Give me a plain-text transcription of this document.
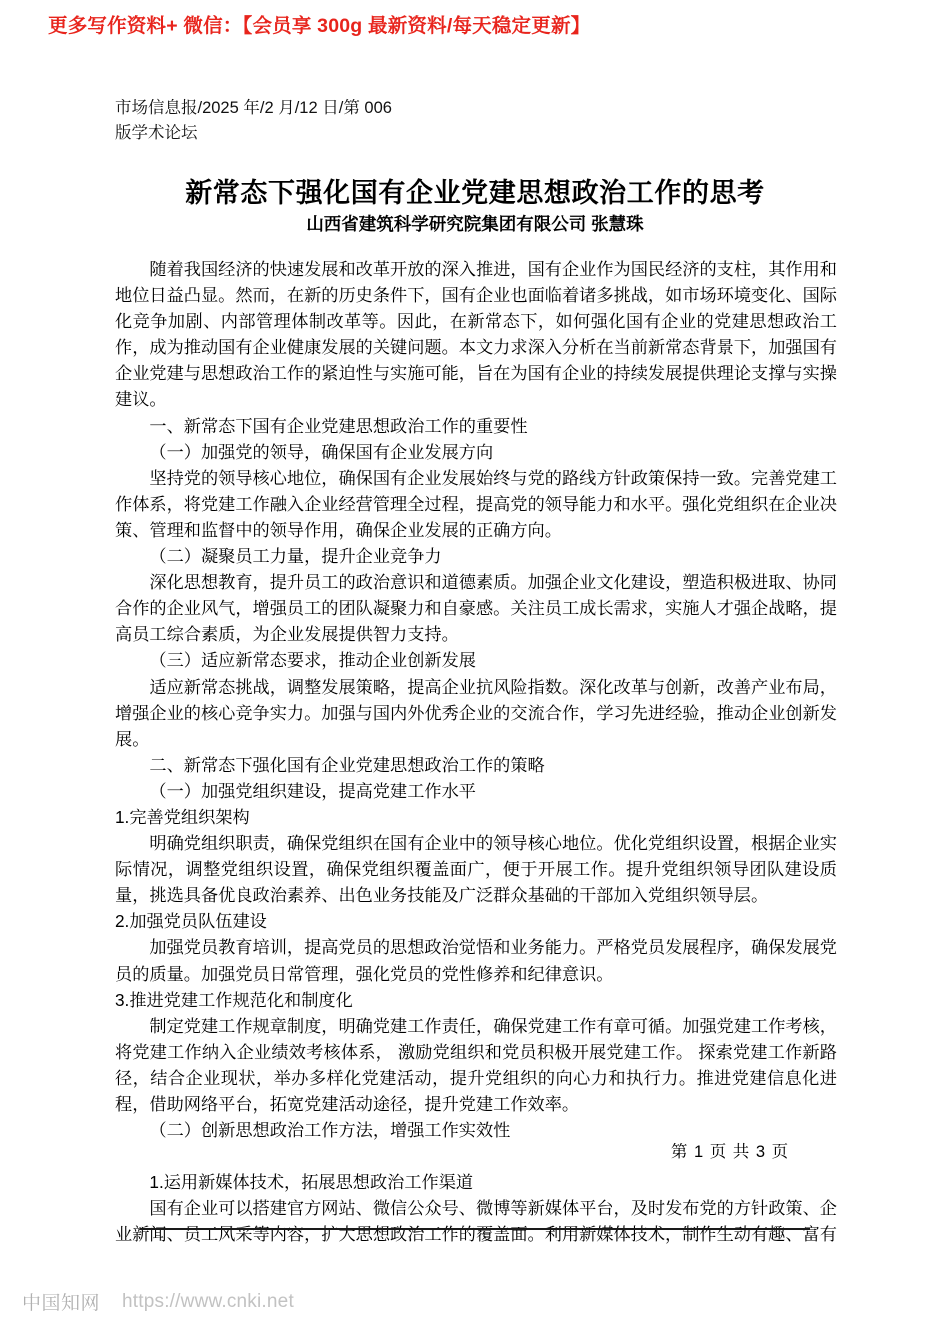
更多写作资料+ 微信：【会员享 300g 最新资料/每天稳定更新】
市场信息报/2025 年/2 月/12 日/第 006
版学术论坛
新常态下强化国有企业党建思想政治工作的思考
山西省建筑科学研究院集团有限公司 张慧珠

随着我国经济的快速发展和改革开放的深入推进，国有企业作为国民经济的支柱，其作用和地位日益凸显。然而，在新的历史条件下，国有企业也面临着诸多挑战，如市场环境变化、国际化竞争加剧、内部管理体制改革等。因此，在新常态下，如何强化国有企业的党建思想政治工作，成为推动国有企业健康发展的关键问题。本文力求深入分析在当前新常态背景下，加强国有企业党建与思想政治工作的紧迫性与实施可能，旨在为国有企业的持续发展提供理论支撑与实操建议。

一、新常态下国有企业党建思想政治工作的重要性

（一）加强党的领导，确保国有企业发展方向

坚持党的领导核心地位，确保国有企业发展始终与党的路线方针政策保持一致。完善党建工作体系，将党建工作融入企业经营管理全过程，提高党的领导能力和水平。强化党组织在企业决策、管理和监督中的领导作用，确保企业发展的正确方向。

（二）凝聚员工力量，提升企业竞争力

深化思想教育，提升员工的政治意识和道德素质。加强企业文化建设，塑造积极进取、协同合作的企业风气，增强员工的团队凝聚力和自豪感。关注员工成长需求，实施人才强企战略，提高员工综合素质，为企业发展提供智力支持。

（三）适应新常态要求，推动企业创新发展

适应新常态挑战，调整发展策略，提高企业抗风险指数。深化改革与创新，改善产业布局，增强企业的核心竞争实力。加强与国内外优秀企业的交流合作，学习先进经验，推动企业创新发展。

二、新常态下强化国有企业党建思想政治工作的策略

（一）加强党组织建设，提高党建工作水平

1.完善党组织架构

明确党组织职责，确保党组织在国有企业中的领导核心地位。优化党组织设置，根据企业实际情况，调整党组织设置，确保党组织覆盖面广，便于开展工作。提升党组织领导团队建设质量，挑选具备优良政治素养、出色业务技能及广泛群众基础的干部加入党组织领导层。

2.加强党员队伍建设

加强党员教育培训，提高党员的思想政治觉悟和业务能力。严格党员发展程序，确保发展党员的质量。加强党员日常管理，强化党员的党性修养和纪律意识。

3.推进党建工作规范化和制度化

制定党建工作规章制度，明确党建工作责任，确保党建工作有章可循。加强党建工作考核，将党建工作纳入企业绩效考核体系， 激励党组织和党员积极开展党建工作。 探索党建工作新路径，结合企业现状，举办多样化党建活动，提升党组织的向心力和执行力。推进党建信息化进程，借助网络平台，拓宽党建活动途径，提升党建工作效率。

（二）创新思想政治工作方法，增强工作实效性

1.运用新媒体技术，拓展思想政治工作渠道

国有企业可以搭建官方网站、微信公众号、微博等新媒体平台，及时发布党的方针政策、企业新闻、员工风采等内容，扩大思想政治工作的覆盖面。利用新媒体技术，制作生动有趣、富有

第 1 页 共 3 页
中国知网 https://www.cnki.net
